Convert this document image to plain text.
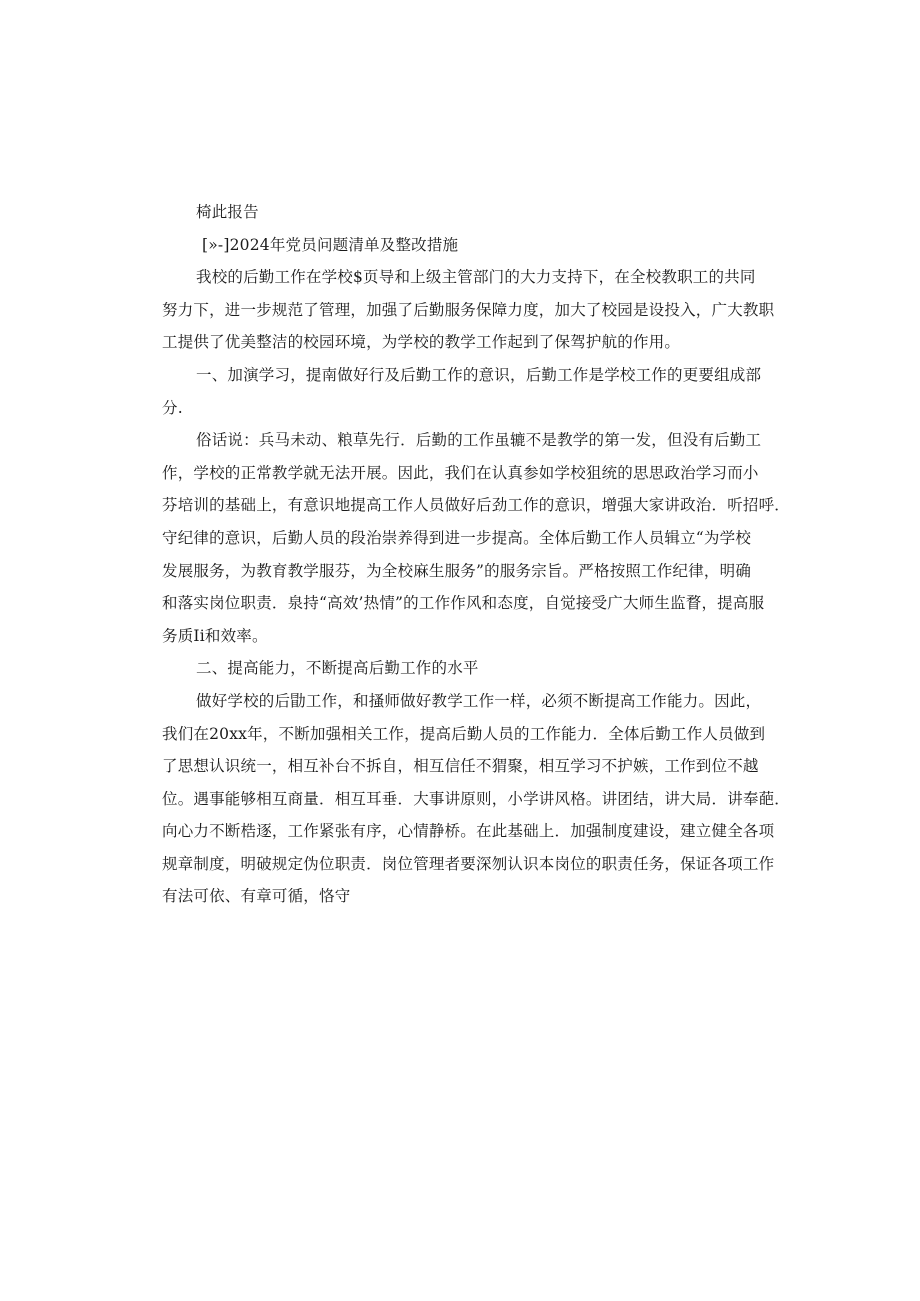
椅此报告
[»-]2024年党员问题清单及整改措施
我校的后勤工作在学校$页导和上级主管部门的大力支持下，在全校教职工的共同
努力下，进一步规范了管理，加强了后勤服务保障力度，加大了校园是设投入，广大教职
工提供了优美整洁的校园环境，为学校的教学工作起到了保驾护航的作用。
一、加演学习，提南做好行及后勤工作的意识，后勤工作是学校工作的更要组成部
分.
俗话说：兵马未动、粮草先行．后勤的工作虽辘不是教学的第一发，但没有后勤工
作，学校的正常教学就无法开展。因此，我们在认真参如学校狙统的思思政治学习而小
芬培训的基础上，有意识地提高工作人员做好后劲工作的意识，增强大家讲政治．听招呼．
守纪律的意识，后勤人员的段治崇养得到进一步提高。全体后勤工作人员辑立“为学校
发展服务，为教育教学服芬，为全校麻生服务”的服务宗旨。严格按照工作纪律，明确
和落实岗位职责．泉持“高效’热情”的工作作风和态度，自觉接受广大师生监瞀，提高服
务质Ii和效率。
二、提高能力，不断提高后勤工作的水平
做好学校的后勖工作，和搔师做好教学工作一样，必须不断提高工作能力。因此，
我们在20xx年，不断加强相关工作，提高后勤人员的工作能力．全体后勤工作人员做到
了思想认识统一，相互补台不拆自，相互信任不猬聚，相互学习不护嫉，工作到位不越
位。遇事能够相互商量．相互耳垂．大事讲原则，小学讲风格。讲团结，讲大局．讲奉葩．
向心力不断梏逐，工作紧张有序，心情静桥。在此基础上．加强制度建设，建立健全各项
规章制度，明破规定伪位职责．岗位管理者要深刎认识本岗位的职责任务，保证各项工作
有法可依、有章可循，恪守
